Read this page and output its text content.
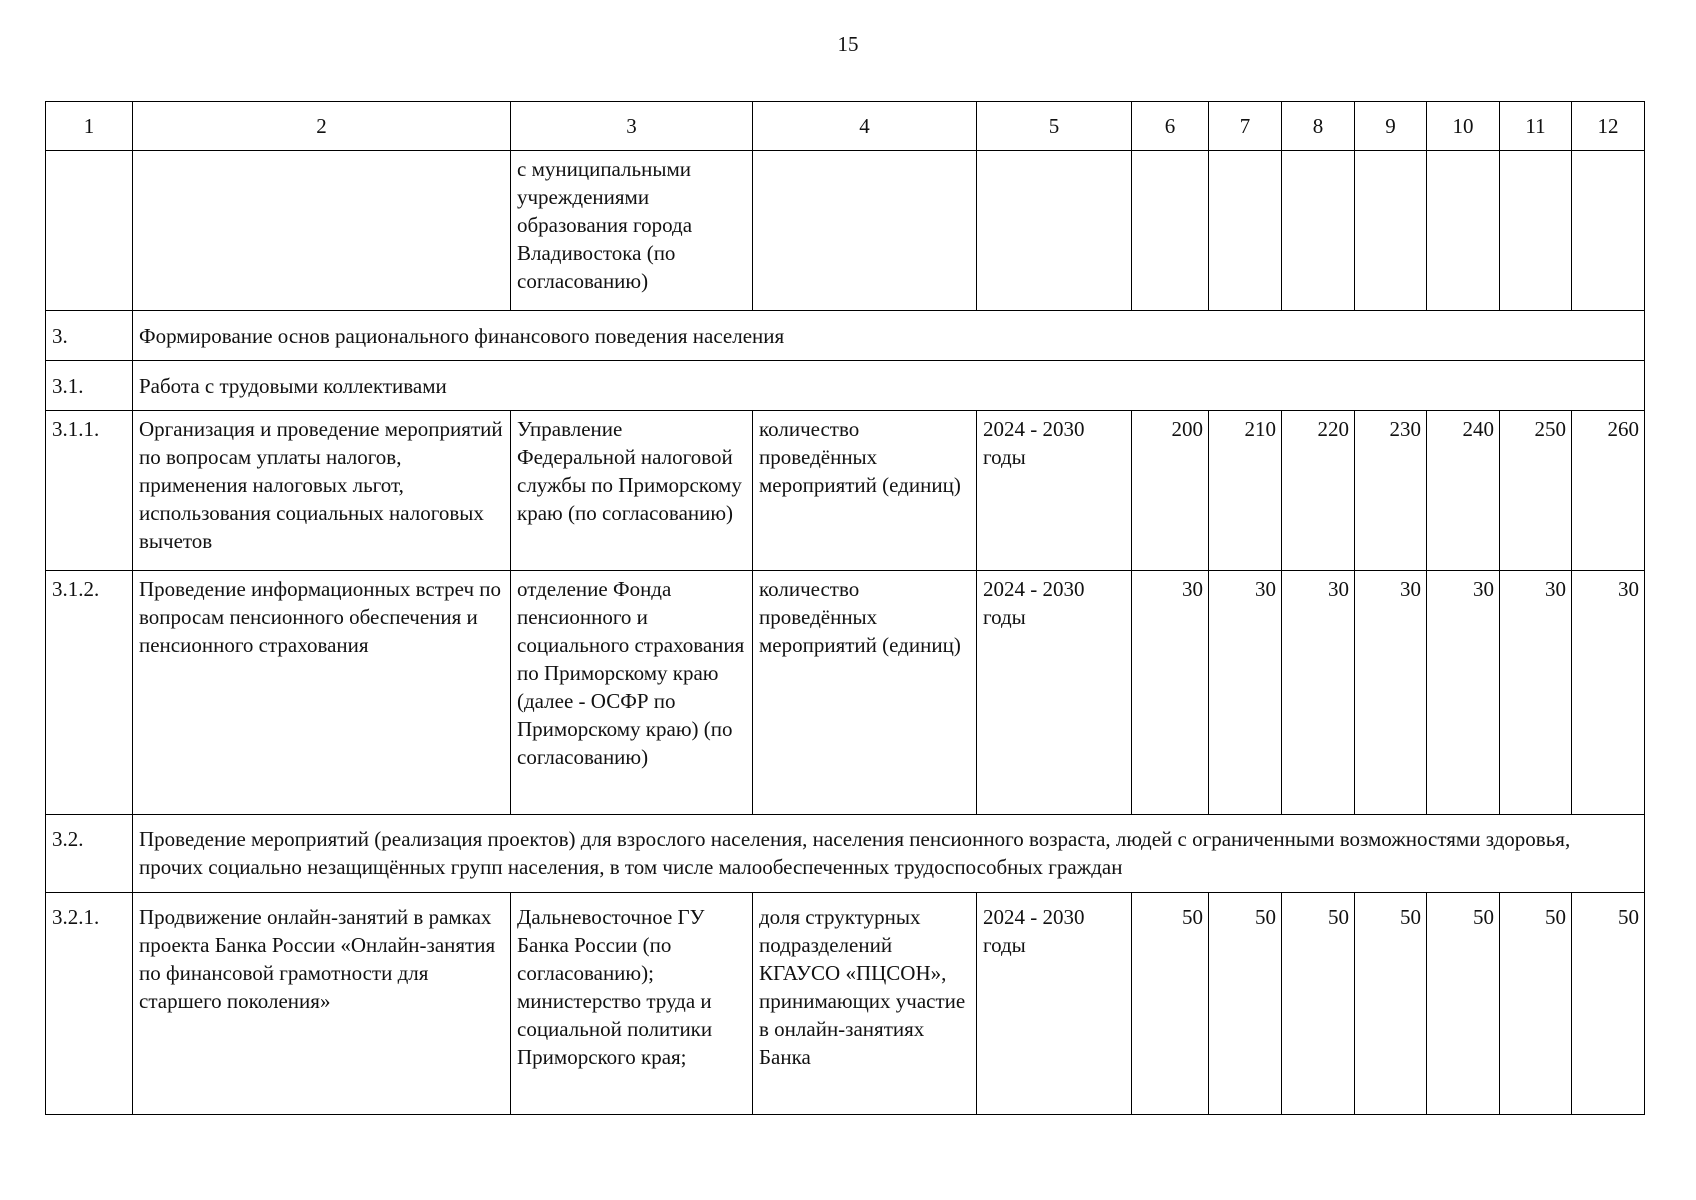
15
1	2	3	4	5	6	7	8	9	10	11	12
		с муниципальными учреждениями образования города Владивостока (по согласованию)									
3.	Формирование основ рационального финансового поведения населения										
3.1.	Работа с трудовыми коллективами										
3.1.1.	Организация и проведение мероприятий по вопросам уплаты налогов, применения налоговых льгот, использования социальных налоговых вычетов	Управление Федеральной налоговой службы по Приморскому краю (по согласованию)	количество проведённых мероприятий (единиц)	2024 - 2030 годы	200	210	220	230	240	250	260
3.1.2.	Проведение информационных встреч по вопросам пенсионного обеспечения и пенсионного страхования	отделение Фонда пенсионного и социального страхования по Приморскому краю (далее - ОСФР по Приморскому краю) (по согласованию)	количество проведённых мероприятий (единиц)	2024 - 2030 годы	30	30	30	30	30	30	30
3.2.	Проведение мероприятий (реализация проектов) для взрослого населения, населения пенсионного возраста, людей с ограниченными возможностями здоровья, прочих социально незащищённых групп населения, в том числе малообеспеченных трудоспособных граждан										
3.2.1.	Продвижение онлайн-занятий в рамках проекта Банка России «Онлайн-занятия по финансовой грамотности для старшего поколения»	Дальневосточное ГУ Банка России (по согласованию); министерство труда и социальной политики Приморского края;	доля структурных подразделений КГАУСО «ПЦСОН», принимающих участие в онлайн-занятиях Банка	2024 - 2030 годы	50	50	50	50	50	50	50
